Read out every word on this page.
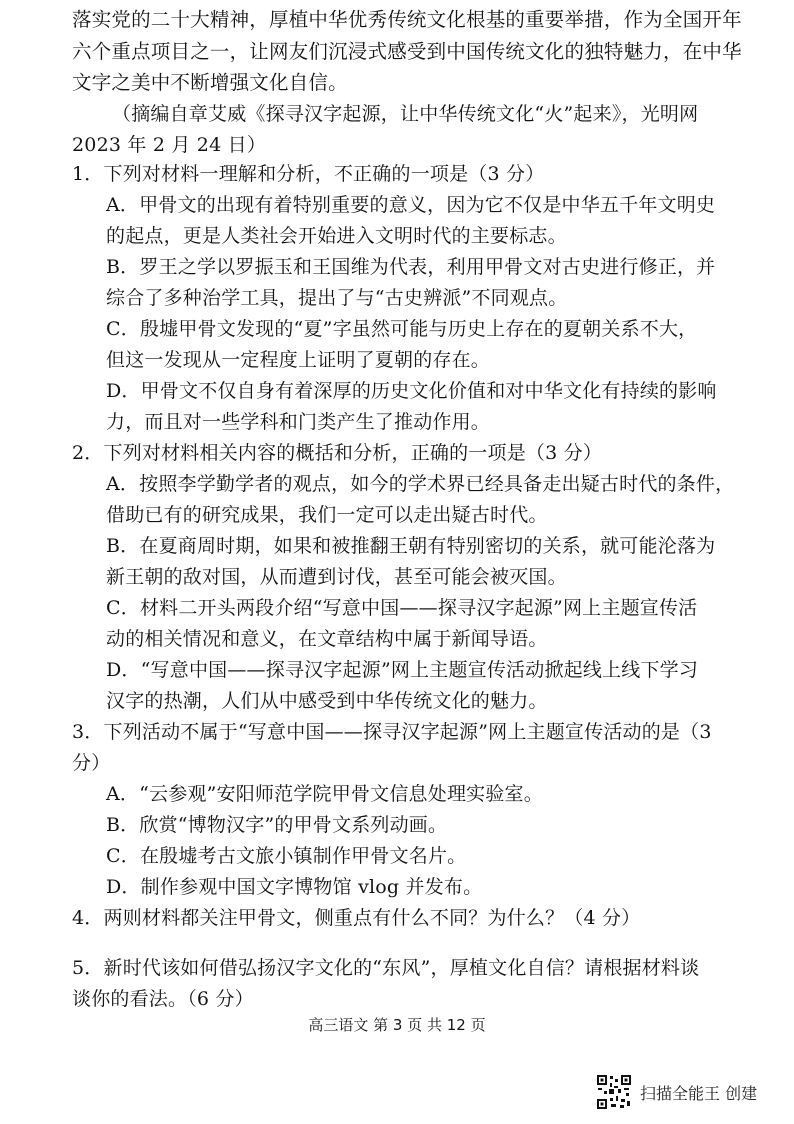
落实党的二十大精神，厚植中华优秀传统文化根基的重要举措，作为全国开年
六个重点项目之一，让网友们沉浸式感受到中国传统文化的独特魅力，在中华
文字之美中不断增强文化自信。
（摘编自章艾威《探寻汉字起源，让中华传统文化“火”起来》，光明网
2023 年 2 月 24 日）
1．下列对材料一理解和分析，不正确的一项是（3 分）
A．甲骨文的出现有着特别重要的意义，因为它不仅是中华五千年文明史
的起点，更是人类社会开始进入文明时代的主要标志。
B．罗王之学以罗振玉和王国维为代表，利用甲骨文对古史进行修正，并
综合了多种治学工具，提出了与“古史辨派”不同观点。
C．殷墟甲骨文发现的“夏”字虽然可能与历史上存在的夏朝关系不大，
但这一发现从一定程度上证明了夏朝的存在。
D．甲骨文不仅自身有着深厚的历史文化价值和对中华文化有持续的影响
力，而且对一些学科和门类产生了推动作用。
2．下列对材料相关内容的概括和分析，正确的一项是（3 分）
A．按照李学勤学者的观点，如今的学术界已经具备走出疑古时代的条件，
借助已有的研究成果，我们一定可以走出疑古时代。
B．在夏商周时期，如果和被推翻王朝有特别密切的关系，就可能沦落为
新王朝的敌对国，从而遭到讨伐，甚至可能会被灭国。
C．材料二开头两段介绍“写意中国——探寻汉字起源”网上主题宣传活
动的相关情况和意义，在文章结构中属于新闻导语。
D．“写意中国——探寻汉字起源”网上主题宣传活动掀起线上线下学习
汉字的热潮，人们从中感受到中华传统文化的魅力。
3．下列活动不属于“写意中国——探寻汉字起源”网上主题宣传活动的是（3
分）
A．“云参观”安阳师范学院甲骨文信息处理实验室。
B．欣赏“博物汉字”的甲骨文系列动画。
C．在殷墟考古文旅小镇制作甲骨文名片。
D．制作参观中国文字博物馆 vlog 并发布。
4．两则材料都关注甲骨文，侧重点有什么不同？为什么？（4 分）
5．新时代该如何借弘扬汉字文化的“东风”，厚植文化自信？请根据材料谈
谈你的看法。（6 分）
高三语文 第 3 页 共 12 页
扫描全能王 创建
